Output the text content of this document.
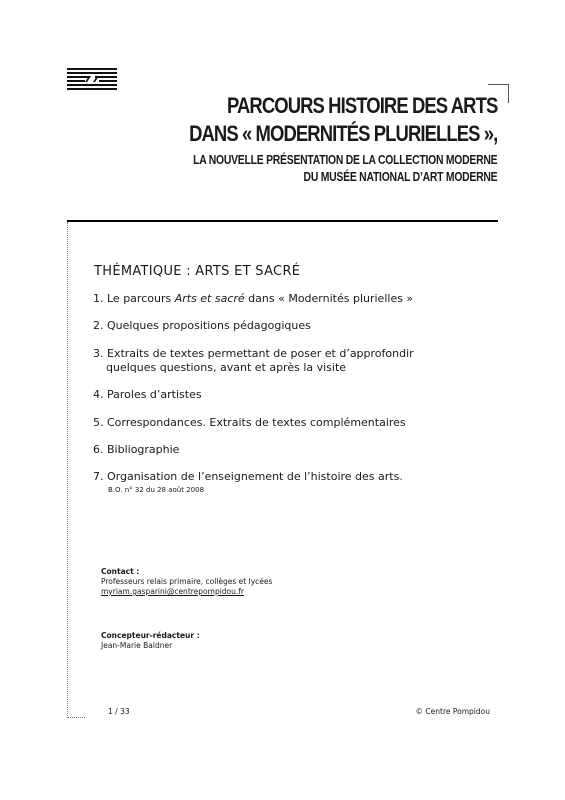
PARCOURS HISTOIRE DES ARTS
DANS « MODERNITÉS PLURIELLES »,
LA NOUVELLE PRÉSENTATION DE LA COLLECTION MODERNE
DU MUSÉE NATIONAL D’ART MODERNE
THÉMATIQUE : ARTS ET SACRÉ
1. Le parcours Arts et sacré dans « Modernités plurielles »
2. Quelques propositions pédagogiques
3. Extraits de textes permettant de poser et d’approfondir
quelques questions, avant et après la visite
4. Paroles d’artistes
5. Correspondances. Extraits de textes complémentaires
6. Bibliographie
7. Organisation de l’enseignement de l’histoire des arts.
B.O. n° 32 du 28 août 2008
Contact :
Professeurs relais primaire, collèges et lycées
myriam.gasparini@centrepompidou.fr
Concepteur-rédacteur :
Jean-Marie Baldner
1 / 33	© Centre Pompidou
